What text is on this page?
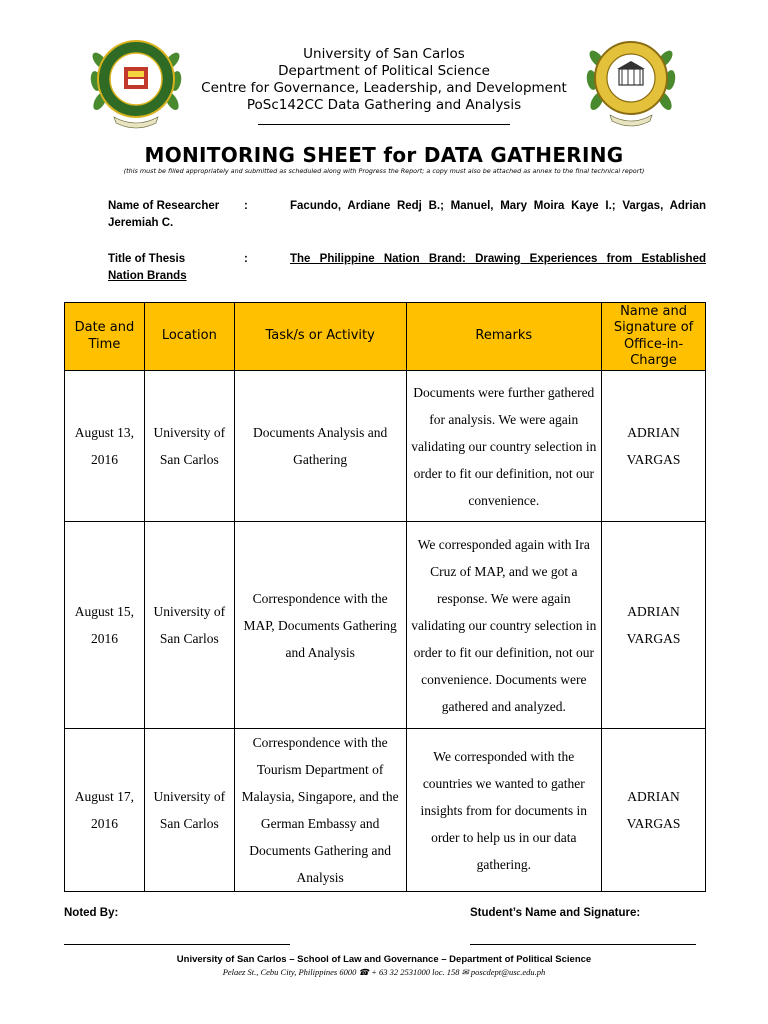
University of San Carlos
Department of Political Science
Centre for Governance, Leadership, and Development
PoSc142CC Data Gathering and Analysis
MONITORING SHEET for DATA GATHERING
(this must be filled appropriately and submitted as scheduled along with Progress the Report; a copy must also be attached as annex to the final technical report)
Name of Researcher :	Facundo, Ardiane Redj B.; Manuel, Mary Moira Kaye I.; Vargas, Adrian
Jeremiah C.
Title of Thesis	:	The Philippine Nation Brand: Drawing Experiences from Established
Nation Brands
Date and Time	Location	Task/s or Activity	Remarks	Name and Signature of Office-in-Charge
August 13, 2016	University of San Carlos	Documents Analysis and Gathering	Documents were further gathered for analysis. We were again validating our country selection in order to fit our definition, not our convenience.	ADRIAN VARGAS
August 15, 2016	University of San Carlos	Correspondence with the MAP, Documents Gathering and Analysis	We corresponded again with Ira Cruz of MAP, and we got a response. We were again validating our country selection in order to fit our definition, not our convenience. Documents were gathered and analyzed.	ADRIAN VARGAS
August 17, 2016	University of San Carlos	Correspondence with the Tourism Department of Malaysia, Singapore, and the German Embassy and Documents Gathering and Analysis	We corresponded with the countries we wanted to gather insights from for documents in order to help us in our data gathering.	ADRIAN VARGAS
Noted By:	Student’s Name and Signature:
University of San Carlos – School of Law and Governance – Department of Political Science
Pelaez St., Cebu City, Philippines 6000 ☎ + 63 32 2531000 loc. 158 ✉ poscdept@usc.edu.ph
